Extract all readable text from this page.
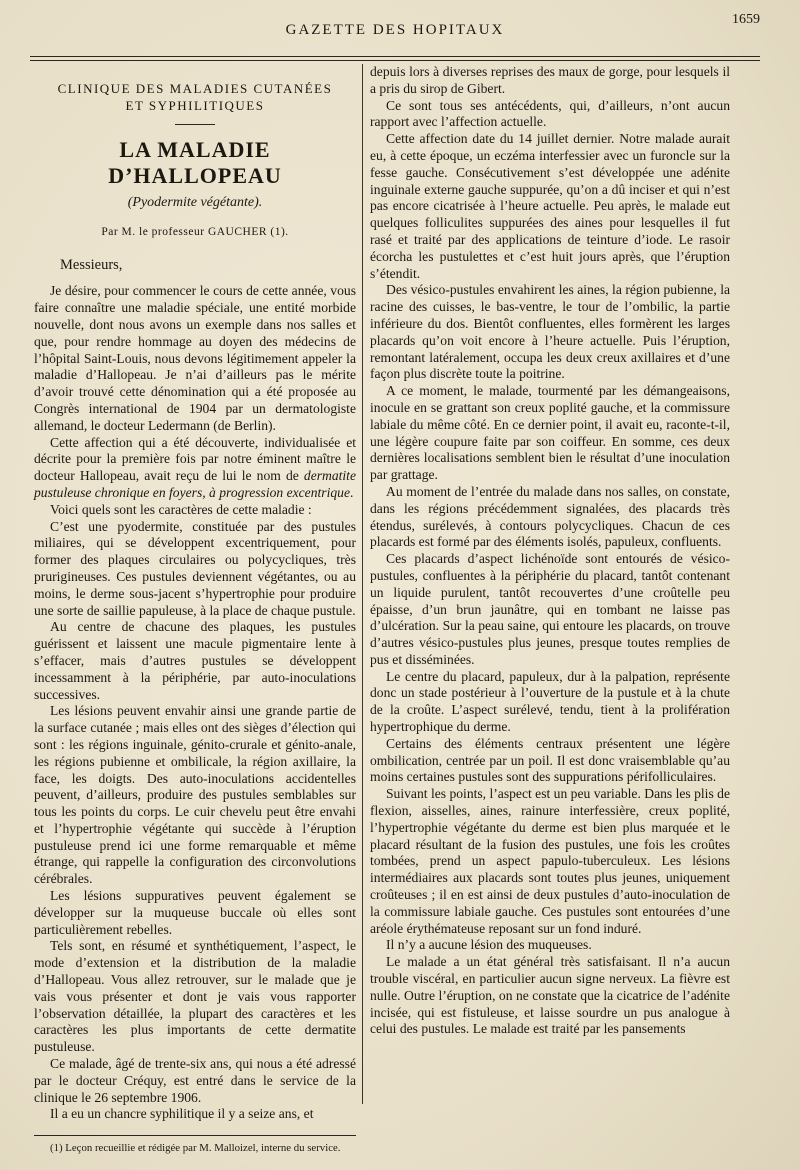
GAZETTE DES HOPITAUX
1659
CLINIQUE DES MALADIES CUTANÉES
ET SYPHILITIQUES
LA MALADIE D’HALLOPEAU
(Pyodermite végétante).
Par M. le professeur GAUCHER (1).

Messieurs,

Je désire, pour commencer le cours de cette année, vous faire connaître une maladie spéciale, une entité morbide nouvelle, dont nous avons un exemple dans nos salles et que, pour rendre hommage au doyen des médecins de l’hôpital Saint-Louis, nous devons légitimement appeler la maladie d’Hallopeau. Je n’ai d’ailleurs pas le mérite d’avoir trouvé cette dénomination qui a été proposée au Congrès international de 1904 par un dermatologiste allemand, le docteur Ledermann (de Berlin).

Cette affection qui a été découverte, individualisée et décrite pour la première fois par notre éminent maître le docteur Hallopeau, avait reçu de lui le nom de dermatite pustuleuse chronique en foyers, à progression excentrique.

Voici quels sont les caractères de cette maladie :

C’est une pyodermite, constituée par des pustules miliaires, qui se développent excentriquement, pour former des plaques circulaires ou polycycliques, très prurigineuses. Ces pustules deviennent végétantes, ou au moins, le derme sous-jacent s’hypertrophie pour produire une sorte de saillie papuleuse, à la place de chaque pustule.

Au centre de chacune des plaques, les pustules guérissent et laissent une macule pigmentaire lente à s’effacer, mais d’autres pustules se développent incessamment à la périphérie, par auto-inoculations successives.

Les lésions peuvent envahir ainsi une grande partie de la surface cutanée ; mais elles ont des sièges d’élection qui sont : les régions inguinale, génito-crurale et génito-anale, les régions pubienne et ombilicale, la région axillaire, la face, les doigts. Des auto-inoculations accidentelles peuvent, d’ailleurs, produire des pustules semblables sur tous les points du corps. Le cuir chevelu peut être envahi et l’hypertrophie végétante qui succède à l’éruption pustuleuse prend ici une forme remarquable et même étrange, qui rappelle la configuration des circonvolutions cérébrales.

Les lésions suppuratives peuvent également se développer sur la muqueuse buccale où elles sont particulièrement rebelles.

Tels sont, en résumé et synthétiquement, l’aspect, le mode d’extension et la distribution de la maladie d’Hallopeau. Vous allez retrouver, sur le malade que je vais vous présenter et dont je vais vous rapporter l’observation détaillée, la plupart des caractères et les caractères les plus importants de cette dermatite pustuleuse.

Ce malade, âgé de trente-six ans, qui nous a été adressé par le docteur Créquy, est entré dans le service de la clinique le 26 septembre 1906.

Il a eu un chancre syphilitique il y a seize ans, et

(1) Leçon recueillie et rédigée par M. Malloizel, interne du service.

depuis lors à diverses reprises des maux de gorge, pour lesquels il a pris du sirop de Gibert.

Ce sont tous ses antécédents, qui, d’ailleurs, n’ont aucun rapport avec l’affection actuelle.

Cette affection date du 14 juillet dernier. Notre malade aurait eu, à cette époque, un eczéma interfessier avec un furoncle sur la fesse gauche. Consécutivement s’est développée une adénite inguinale externe gauche suppurée, qu’on a dû inciser et qui n’est pas encore cicatrisée à l’heure actuelle. Peu après, le malade eut quelques folliculites suppurées des aines pour lesquelles il fut rasé et traité par des applications de teinture d’iode. Le rasoir écorcha les pustulettes et c’est huit jours après, que l’éruption s’étendit.

Des vésico-pustules envahirent les aines, la région pubienne, la racine des cuisses, le bas-ventre, le tour de l’ombilic, la partie inférieure du dos. Bientôt confluentes, elles formèrent les larges placards qu’on voit encore à l’heure actuelle. Puis l’éruption, remontant latéralement, occupa les deux creux axillaires et d’une façon plus discrète toute la poitrine.

A ce moment, le malade, tourmenté par les démangeaisons, inocule en se grattant son creux poplité gauche, et la commissure labiale du même côté. En ce dernier point, il avait eu, raconte-t-il, une légère coupure faite par son coiffeur. En somme, ces deux dernières localisations semblent bien le résultat d’une inoculation par grattage.

Au moment de l’entrée du malade dans nos salles, on constate, dans les régions précédemment signalées, des placards très étendus, surélevés, à contours polycycliques. Chacun de ces placards est formé par des éléments isolés, papuleux, confluents.

Ces placards d’aspect lichénoïde sont entourés de vésico-pustules, confluentes à la périphérie du placard, tantôt contenant un liquide purulent, tantôt recouvertes d’une croûtelle peu épaisse, d’un brun jaunâtre, qui en tombant ne laisse pas d’ulcération. Sur la peau saine, qui entoure les placards, on trouve d’autres vésico-pustules plus jeunes, presque toutes remplies de pus et disséminées.

Le centre du placard, papuleux, dur à la palpation, représente donc un stade postérieur à l’ouverture de la pustule et à la chute de la croûte. L’aspect surélevé, tendu, tient à la prolifération hypertrophique du derme.

Certains des éléments centraux présentent une légère ombilication, centrée par un poil. Il est donc vraisemblable qu’au moins certaines pustules sont des suppurations périfolliculaires.

Suivant les points, l’aspect est un peu variable. Dans les plis de flexion, aisselles, aines, rainure interfessière, creux poplité, l’hypertrophie végétante du derme est bien plus marquée et le placard résultant de la fusion des pustules, une fois les croûtes tombées, prend un aspect papulo-tuberculeux. Les lésions intermédiaires aux placards sont toutes plus jeunes, uniquement croûteuses ; il en est ainsi de deux pustules d’auto-inoculation de la commissure labiale gauche. Ces pustules sont entourées d’une aréole érythémateuse reposant sur un fond induré.

Il n’y a aucune lésion des muqueuses.

Le malade a un état général très satisfaisant. Il n’a aucun trouble viscéral, en particulier aucun signe nerveux. La fièvre est nulle. Outre l’éruption, on ne constate que la cicatrice de l’adénite incisée, qui est fistuleuse, et laisse sourdre un pus analogue à celui des pustules. Le malade est traité par les pansements
